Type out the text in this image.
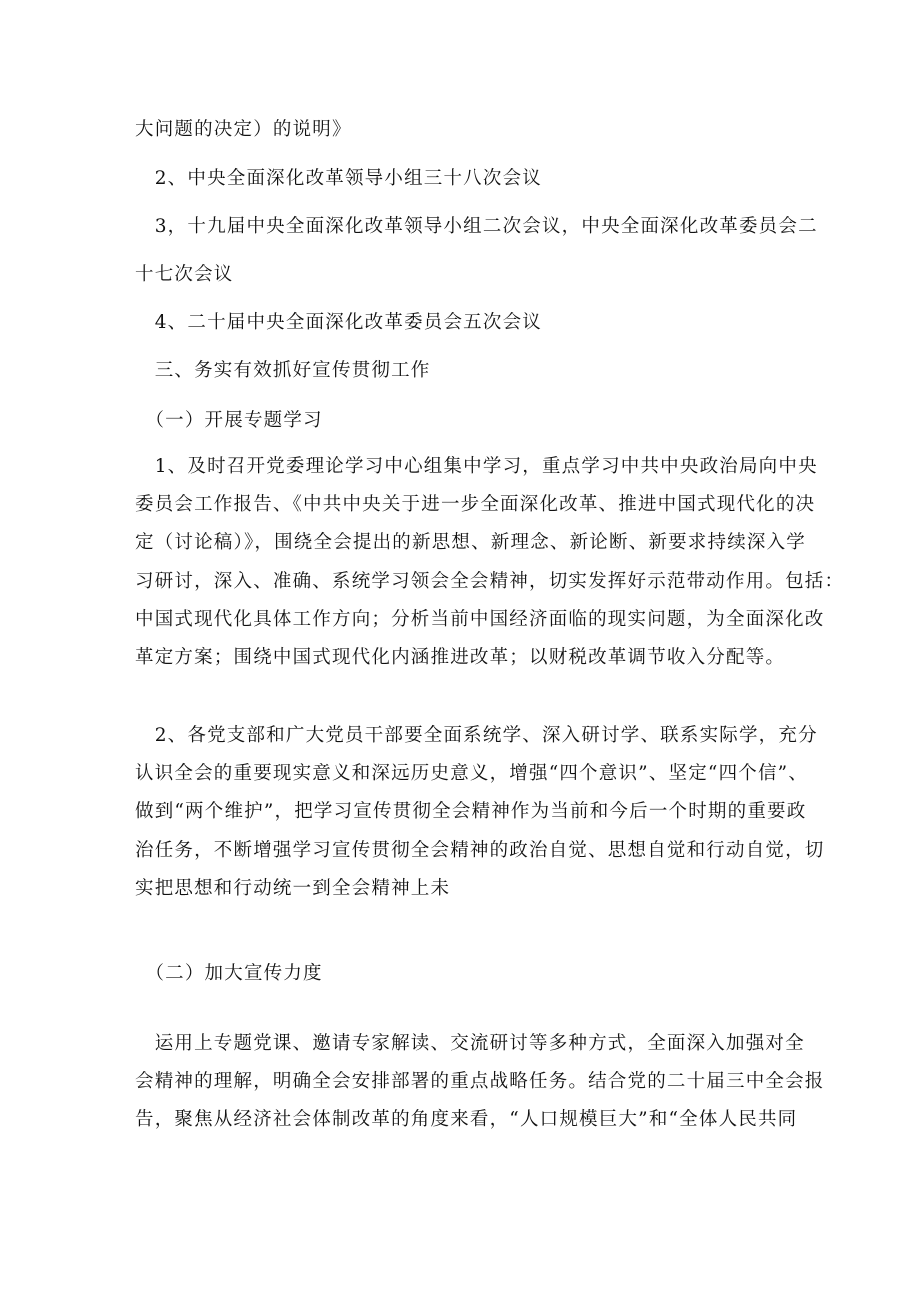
大问题的决定）的说明》
　2、中央全面深化改革领导小组三十八次会议
　3，十九届中央全面深化改革领导小组二次会议，中央全面深化改革委员会二
十七次会议
　4、二十届中央全面深化改革委员会五次会议
　三、务实有效抓好宣传贯彻工作
　（一）开展专题学习
　1、及时召开党委理论学习中心组集中学习，重点学习中共中央政治局向中央
委员会工作报告、《中共中央关于进一步全面深化改革、推进中国式现代化的决
定（讨论稿）》，围绕全会提出的新思想、新理念、新论断、新要求持续深入学
习研讨，深入、准确、系统学习领会全会精神，切实发挥好示范带动作用。包括：
中国式现代化具体工作方向；分析当前中国经济面临的现实问题，为全面深化改
革定方案；围绕中国式现代化内涵推进改革；以财税改革调节收入分配等。
　2、各党支部和广大党员干部要全面系统学、深入研讨学、联系实际学，充分
认识全会的重要现实意义和深远历史意义，增强“四个意识”、坚定“四个信”、
做到“两个维护”，把学习宣传贯彻全会精神作为当前和今后一个时期的重要政
治任务，不断增强学习宣传贯彻全会精神的政治自觉、思想自觉和行动自觉，切
实把思想和行动统一到全会精神上未
　（二）加大宣传力度
　运用上专题党课、邀请专家解读、交流研讨等多种方式，全面深入加强对全
会精神的理解，明确全会安排部署的重点战略任务。结合党的二十届三中全会报
告，聚焦从经济社会体制改革的角度来看，“人口规模巨大”和“全体人民共同
